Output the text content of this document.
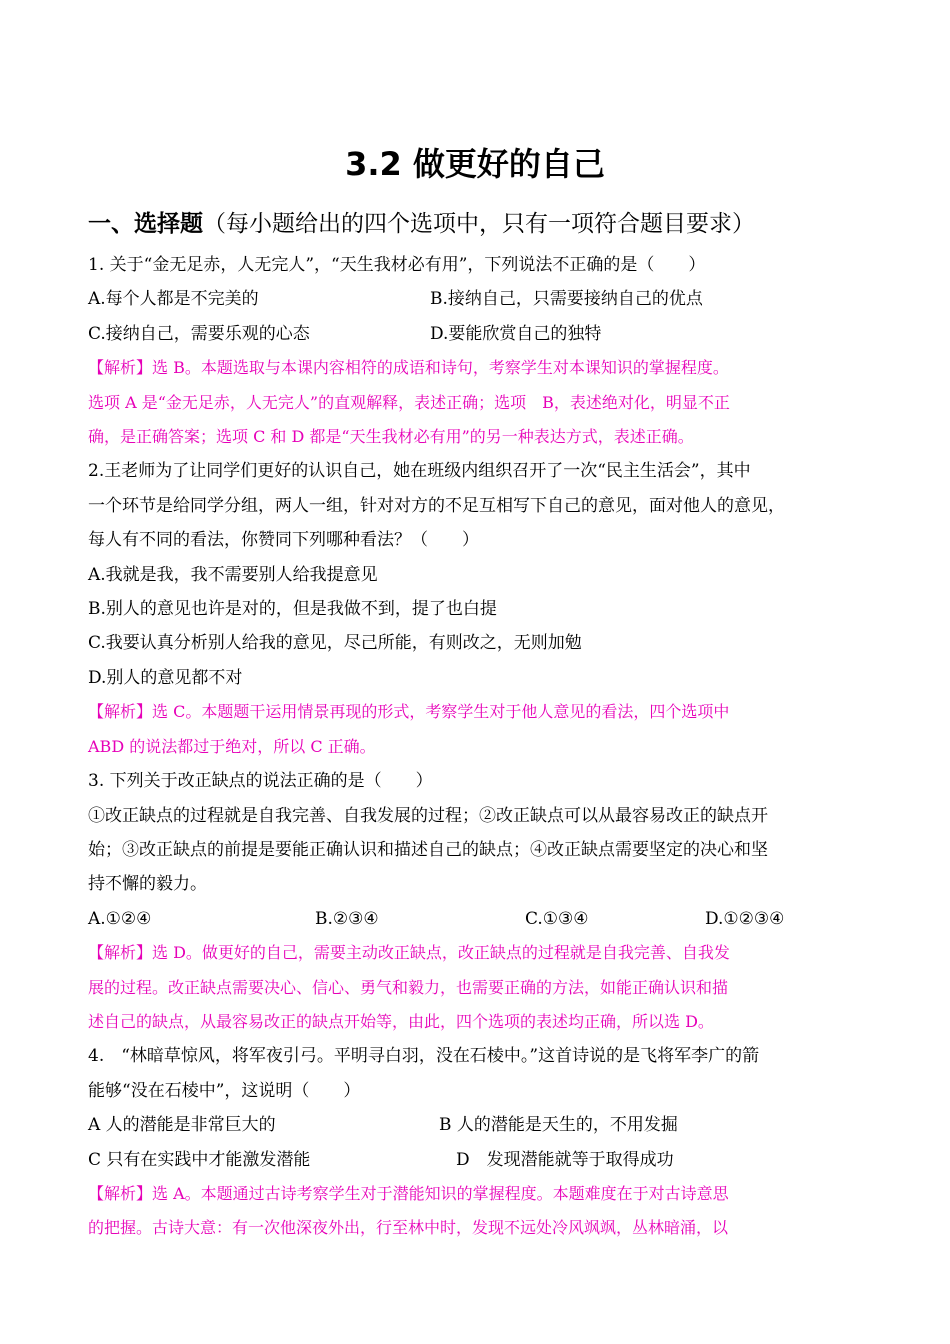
3.2 做更好的自己
一、选择题（每小题给出的四个选项中，只有一项符合题目要求）
1. 关于“金无足赤，人无完人”，“天生我材必有用”，下列说法不正确的是（　　）
A.每个人都是不完美的	B.接纳自己，只需要接纳自己的优点
C.接纳自己，需要乐观的心态	D.要能欣赏自己的独特
【解析】选 B。本题选取与本课内容相符的成语和诗句，考察学生对本课知识的掌握程度。
选项 A 是“金无足赤，人无完人”的直观解释，表述正确；选项　B，表述绝对化，明显不正
确，是正确答案；选项 C 和 D 都是“天生我材必有用”的另一种表达方式，表述正确。
2.王老师为了让同学们更好的认识自己，她在班级内组织召开了一次“民主生活会”，其中
一个环节是给同学分组，两人一组，针对对方的不足互相写下自己的意见，面对他人的意见，
每人有不同的看法，你赞同下列哪种看法？（　　）
A.我就是我，我不需要别人给我提意见
B.别人的意见也许是对的，但是我做不到，提了也白提
C.我要认真分析别人给我的意见，尽己所能，有则改之，无则加勉
D.别人的意见都不对
【解析】选 C。本题题干运用情景再现的形式，考察学生对于他人意见的看法，四个选项中
ABD 的说法都过于绝对，所以 C 正确。
3. 下列关于改正缺点的说法正确的是（　　）
①改正缺点的过程就是自我完善、自我发展的过程；②改正缺点可以从最容易改正的缺点开
始；③改正缺点的前提是要能正确认识和描述自己的缺点；④改正缺点需要坚定的决心和坚
持不懈的毅力。
A.①②④	B.②③④	C.①③④	D.①②③④
【解析】选 D。做更好的自己，需要主动改正缺点，改正缺点的过程就是自我完善、自我发
展的过程。改正缺点需要决心、信心、勇气和毅力，也需要正确的方法，如能正确认识和描
述自己的缺点，从最容易改正的缺点开始等，由此，四个选项的表述均正确，所以选 D。
4.　“林暗草惊风，将军夜引弓。平明寻白羽，没在石棱中。”这首诗说的是飞将军李广的箭
能够“没在石棱中”，这说明（　　）
A 人的潜能是非常巨大的	B 人的潜能是天生的，不用发掘
C 只有在实践中才能激发潜能	D　发现潜能就等于取得成功
【解析】选 A。本题通过古诗考察学生对于潜能知识的掌握程度。本题难度在于对古诗意思
的把握。古诗大意：有一次他深夜外出，行至林中时，发现不远处冷风飒飒，丛林暗涌，以
